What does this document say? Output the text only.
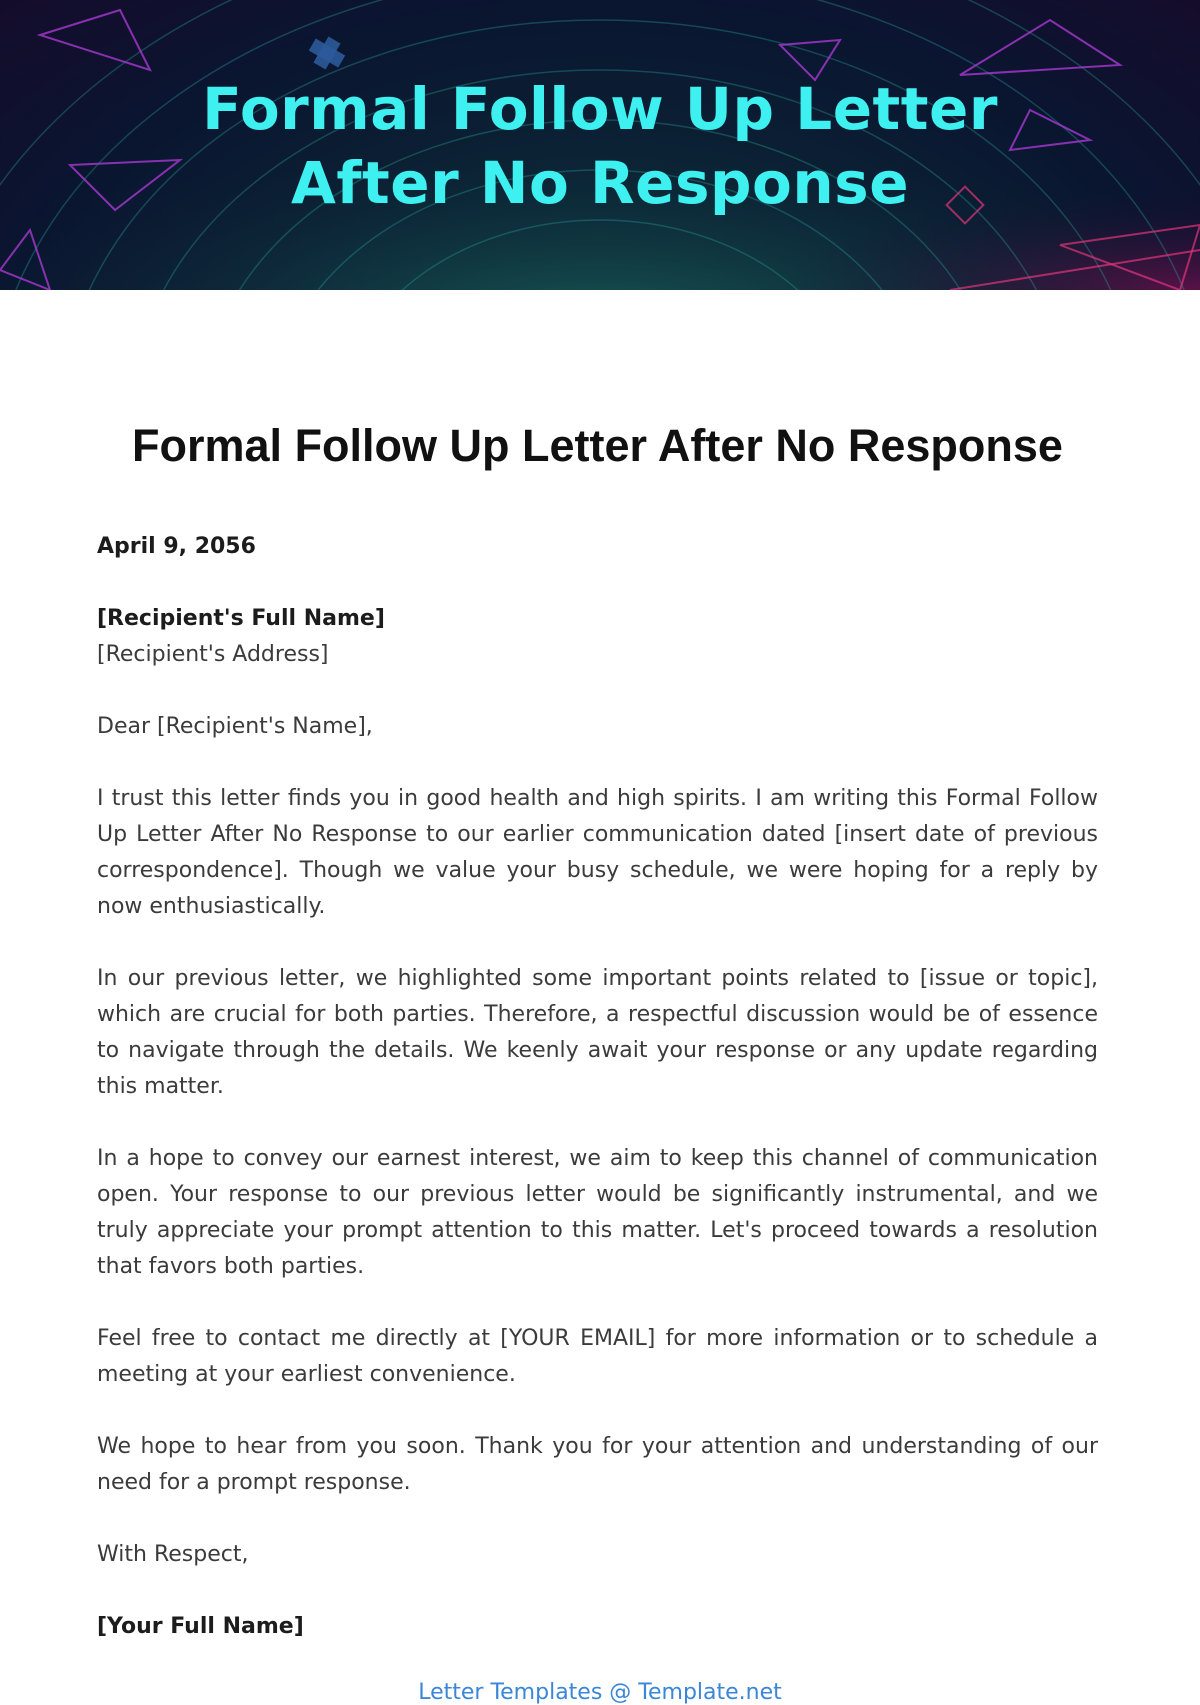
Formal Follow Up Letter
After No Response
Formal Follow Up Letter After No Response
April 9, 2056
[Recipient's Full Name]
[Recipient's Address]
Dear [Recipient's Name],

I trust this letter finds you in good health and high spirits. I am writing this Formal Follow Up Letter After No Response to our earlier communication dated [insert date of previous correspondence]. Though we value your busy schedule, we were hoping for a reply by now enthusiastically.

In our previous letter, we highlighted some important points related to [issue or topic], which are crucial for both parties. Therefore, a respectful discussion would be of essence to navigate through the details. We keenly await your response or any update regarding this matter.

In a hope to convey our earnest interest, we aim to keep this channel of communication open. Your response to our previous letter would be significantly instrumental, and we truly appreciate your prompt attention to this matter. Let's proceed towards a resolution that favors both parties.

Feel free to contact me directly at [YOUR EMAIL] for more information or to schedule a meeting at your earliest convenience.

We hope to hear from you soon. Thank you for your attention and understanding of our need for a prompt response.

With Respect,
[Your Full Name]
Letter Templates @ Template.net
